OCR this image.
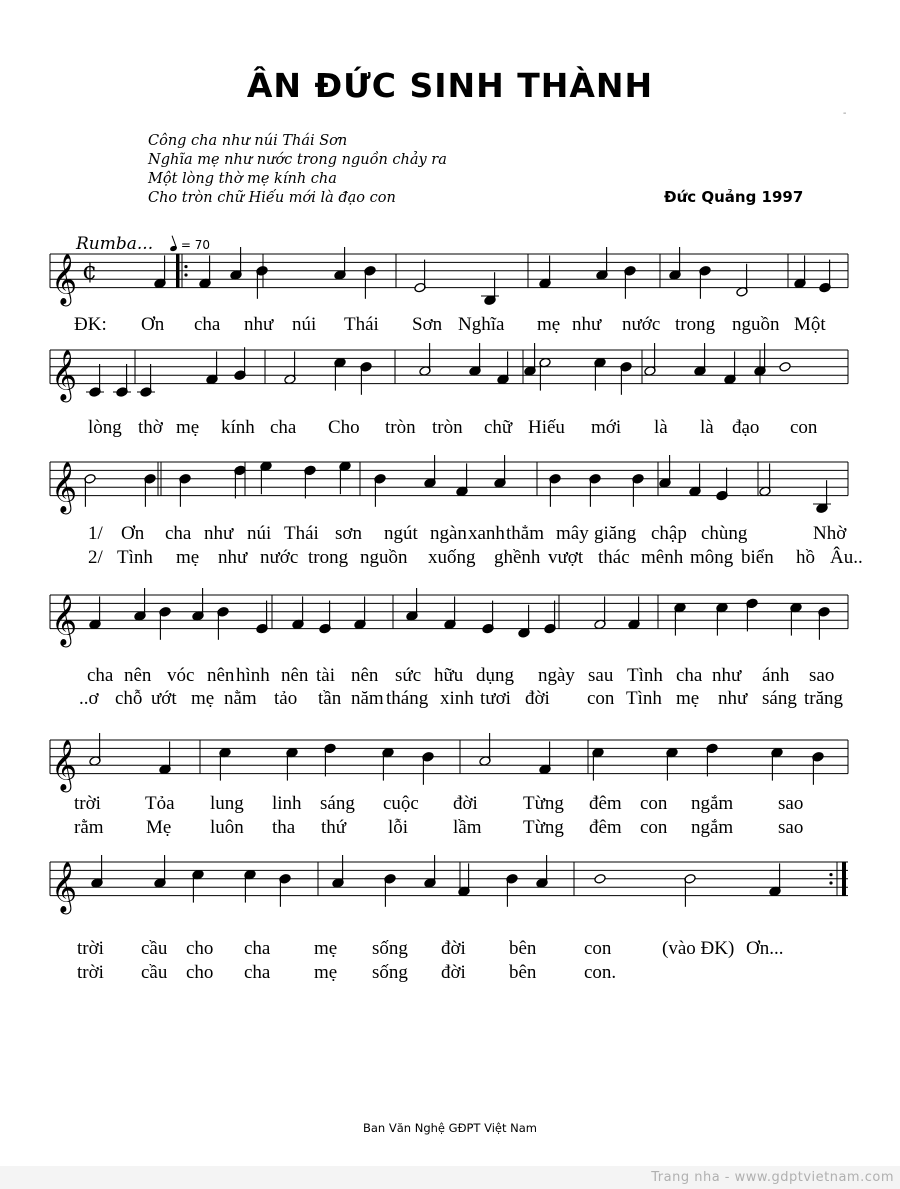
ÂN ĐỨC SINH THÀNH
-
Công cha như núi Thái Sơn
Nghĩa mẹ như nước trong nguồn chảy ra
Một lòng thờ mẹ kính cha
Cho tròn chữ Hiếu mới là đạo con	Đức Quảng 1997
Rumba...	= 70
𝄞
𝄞
𝄞
𝄞
𝄞
𝄞
¢
ĐK: Ơn cha như núi Thái Sơn Nghĩa mẹ như nước trong nguồn Một
lòng thờ mẹ kính cha Cho tròn tròn chữ Hiếu mới là là đạo con
1/ Ơn cha như núi Thái sơn ngút ngàn xanh thẳm mây giăng chập chùng	Nhờ
2/ Tình mẹ như nước trong nguồn xuống ghềnh vượt thác mênh mông biển hồ Âu..
cha nên vóc nên hình nên tài nên sức hữu dụng ngày sau Tình cha như ánh sao
..ơ chỗ ướt mẹ nằm tảo tần năm tháng xinh tươi đời con Tình mẹ như sáng trăng
trời Tỏa lung linh sáng cuộc đời Từng đêm con ngắm sao
rằm Mẹ luôn tha thứ lỗi lầm Từng đêm con ngắm sao
trời cầu cho cha mẹ sống đời bên	con	(vào ĐK) Ơn...
trời cầu cho cha mẹ sống đời bên	con.
Ban Văn Nghệ GĐPT Việt Nam
Trang nha - www.gdptvietnam.com
